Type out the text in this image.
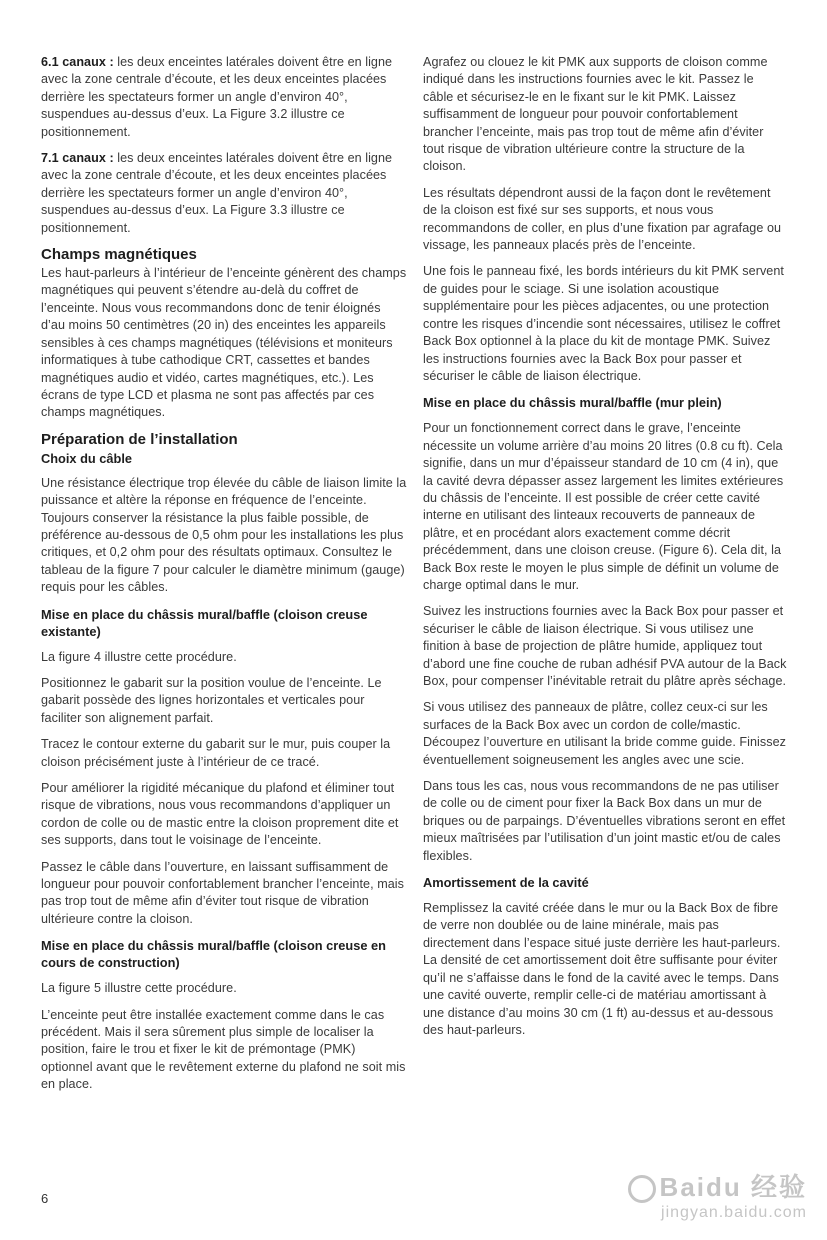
6.1 canaux : les deux enceintes latérales doivent être en ligne avec la zone centrale d’écoute, et les deux enceintes placées derrière les spectateurs former un angle d’environ 40°, suspendues au-dessus d’eux. La Figure 3.2 illustre ce positionnement.

7.1 canaux : les deux enceintes latérales doivent être en ligne avec la zone centrale d’écoute, et les deux enceintes placées derrière les spectateurs former un angle d’environ 40°, suspendues au-dessus d’eux. La Figure 3.3 illustre ce positionnement.

Champs magnétiques

Les haut-parleurs à l’intérieur de l’enceinte génèrent des champs magnétiques qui peuvent s’étendre au-delà du coffret de l’enceinte. Nous vous recommandons donc de tenir éloignés d’au moins 50 centimètres (20 in) des enceintes les appareils sensibles à ces champs magnétiques (télévisions et moniteurs informatiques à tube cathodique CRT, cassettes et bandes magnétiques audio et vidéo, cartes magnétiques, etc.). Les écrans de type LCD et plasma ne sont pas affectés par ces champs magnétiques.

Préparation de l’installation
Choix du câble

Une résistance électrique trop élevée du câble de liaison limite la puissance et altère la réponse en fréquence de l’enceinte. Toujours conserver la résistance la plus faible possible, de préférence au-dessous de 0,5 ohm pour les installations les plus critiques, et 0,2 ohm pour des résultats optimaux. Consultez le tableau de la figure 7 pour calculer le diamètre minimum (gauge) requis pour les câbles.

Mise en place du châssis mural/baffle (cloison creuse existante)

La figure 4 illustre cette procédure.

Positionnez le gabarit sur la position voulue de l’enceinte. Le gabarit possède des lignes horizontales et verticales pour faciliter son alignement parfait.

Tracez le contour externe du gabarit sur le mur, puis couper la cloison précisément juste à l’intérieur de ce tracé.

Pour améliorer la rigidité mécanique du plafond et éliminer tout risque de vibrations, nous vous recommandons d’appliquer un cordon de colle ou de mastic entre la cloison proprement dite et ses supports, dans tout le voisinage de l’enceinte.

Passez le câble dans l’ouverture, en laissant suffisamment de longueur pour pouvoir confortablement brancher l’enceinte, mais pas trop tout de même afin d’éviter tout risque de vibration ultérieure contre la cloison.

Mise en place du châssis mural/baffle (cloison creuse en cours de construction)

La figure 5 illustre cette procédure.

L’enceinte peut être installée exactement comme dans le cas précédent. Mais il sera sûrement plus simple de localiser la position, faire le trou et fixer le kit de prémontage (PMK) optionnel avant que le revêtement externe du plafond ne soit mis en place.

Agrafez ou clouez le kit PMK aux supports de cloison comme indiqué dans les instructions fournies avec le kit. Passez le câble et sécurisez-le en le fixant sur le kit PMK. Laissez suffisamment de longueur pour pouvoir confortablement brancher l’enceinte, mais pas trop tout de même afin d’éviter tout risque de vibration ultérieure contre la structure de la cloison.

Les résultats dépendront aussi de la façon dont le revêtement de la cloison est fixé sur ses supports, et nous vous recommandons de coller, en plus d’une fixation par agrafage ou vissage, les panneaux placés près de l’enceinte.

Une fois le panneau fixé, les bords intérieurs du kit PMK servent de guides pour le sciage. Si une isolation acoustique supplémentaire pour les pièces adjacentes, ou une protection contre les risques d’incendie sont nécessaires, utilisez le coffret Back Box optionnel à la place du kit de montage PMK. Suivez les instructions fournies avec la Back Box pour passer et sécuriser le câble de liaison électrique.

Mise en place du châssis mural/baffle (mur plein)

Pour un fonctionnement correct dans le grave, l’enceinte nécessite un volume arrière d’au moins 20 litres (0.8 cu ft). Cela signifie, dans un mur d’épaisseur standard de 10 cm (4 in), que la cavité devra dépasser assez largement les limites extérieures du châssis de l’enceinte. Il est possible de créer cette cavité interne en utilisant des linteaux recouverts de panneaux de plâtre, et en procédant alors exactement comme décrit précédemment, dans une cloison creuse. (Figure 6). Cela dit, la Back Box reste le moyen le plus simple de définit un volume de charge optimal dans le mur.

Suivez les instructions fournies avec la Back Box pour passer et sécuriser le câble de liaison électrique. Si vous utilisez une finition à base de projection de plâtre humide, appliquez tout d’abord une fine couche de ruban adhésif PVA autour de la Back Box, pour compenser l’inévitable retrait du plâtre après séchage.

Si vous utilisez des panneaux de plâtre, collez ceux-ci sur les surfaces de la Back Box avec un cordon de colle/mastic. Découpez l’ouverture en utilisant la bride comme guide. Finissez éventuellement soigneusement les angles avec une scie.

Dans tous les cas, nous vous recommandons de ne pas utiliser de colle ou de ciment pour fixer la Back Box dans un mur de briques ou de parpaings. D’éventuelles vibrations seront en effet mieux maîtrisées par l’utilisation d’un joint mastic et/ou de cales flexibles.

Amortissement de la cavité

Remplissez la cavité créée dans le mur ou la Back Box de fibre de verre non doublée ou de laine minérale, mais pas directement dans l’espace situé juste derrière les haut-parleurs. La densité de cet amortissement doit être suffisante pour éviter qu’il ne s’affaisse dans le fond de la cavité avec le temps. Dans une cavité ouverte, remplir celle-ci de matériau amortissant à une distance d’au moins 30 cm (1 ft) au-dessus et au-dessous des haut-parleurs.

6	Baidu 经验
jingyan.baidu.com
